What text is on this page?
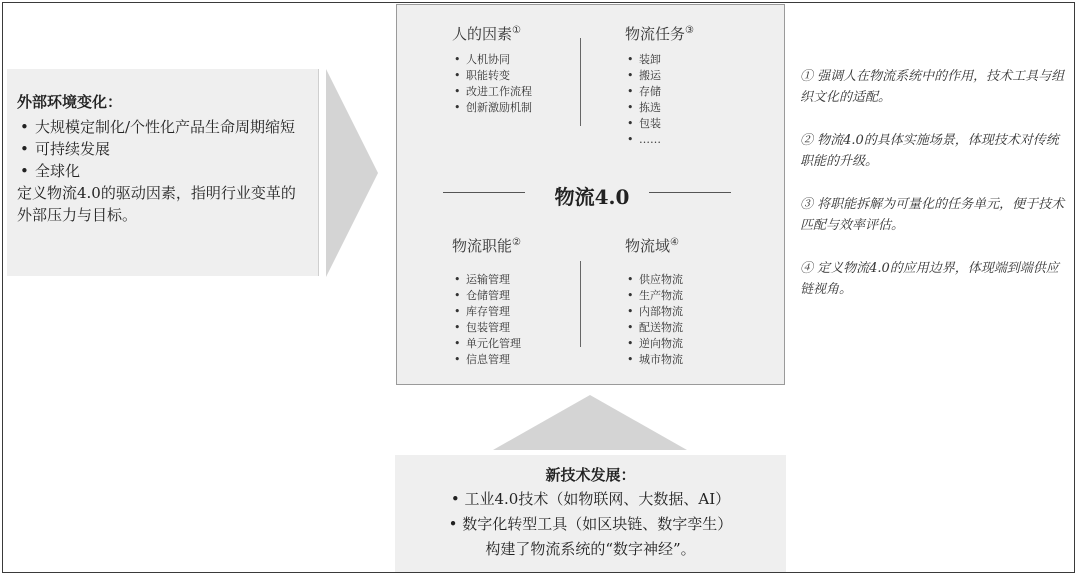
外部环境变化：
• 大规模定制化/个性化产品生命周期缩短
• 可持续发展
• 全球化
定义物流4.0的驱动因素，指明行业变革的外部压力与目标。
人的因素①
• 人机协同
• 职能转变
• 改进工作流程
• 创新激励机制
物流任务③
• 装卸
• 搬运
• 存储
• 拣选
• 包装
• ……
物流4.0
物流职能②
• 运输管理
• 仓储管理
• 库存管理
• 包装管理
• 单元化管理
• 信息管理
物流域④
• 供应物流
• 生产物流
• 内部物流
• 配送物流
• 逆向物流
• 城市物流
新技术发展：
• 工业4.0技术（如物联网、大数据、AI）
• 数字化转型工具（如区块链、数字孪生）
构建了物流系统的“数字神经”。
① 强调人在物流系统中的作用，技术工具与组织文化的适配。
② 物流4.0的具体实施场景，体现技术对传统职能的升级。
③ 将职能拆解为可量化的任务单元，便于技术匹配与效率评估。
④ 定义物流4.0的应用边界，体现端到端供应链视角。
